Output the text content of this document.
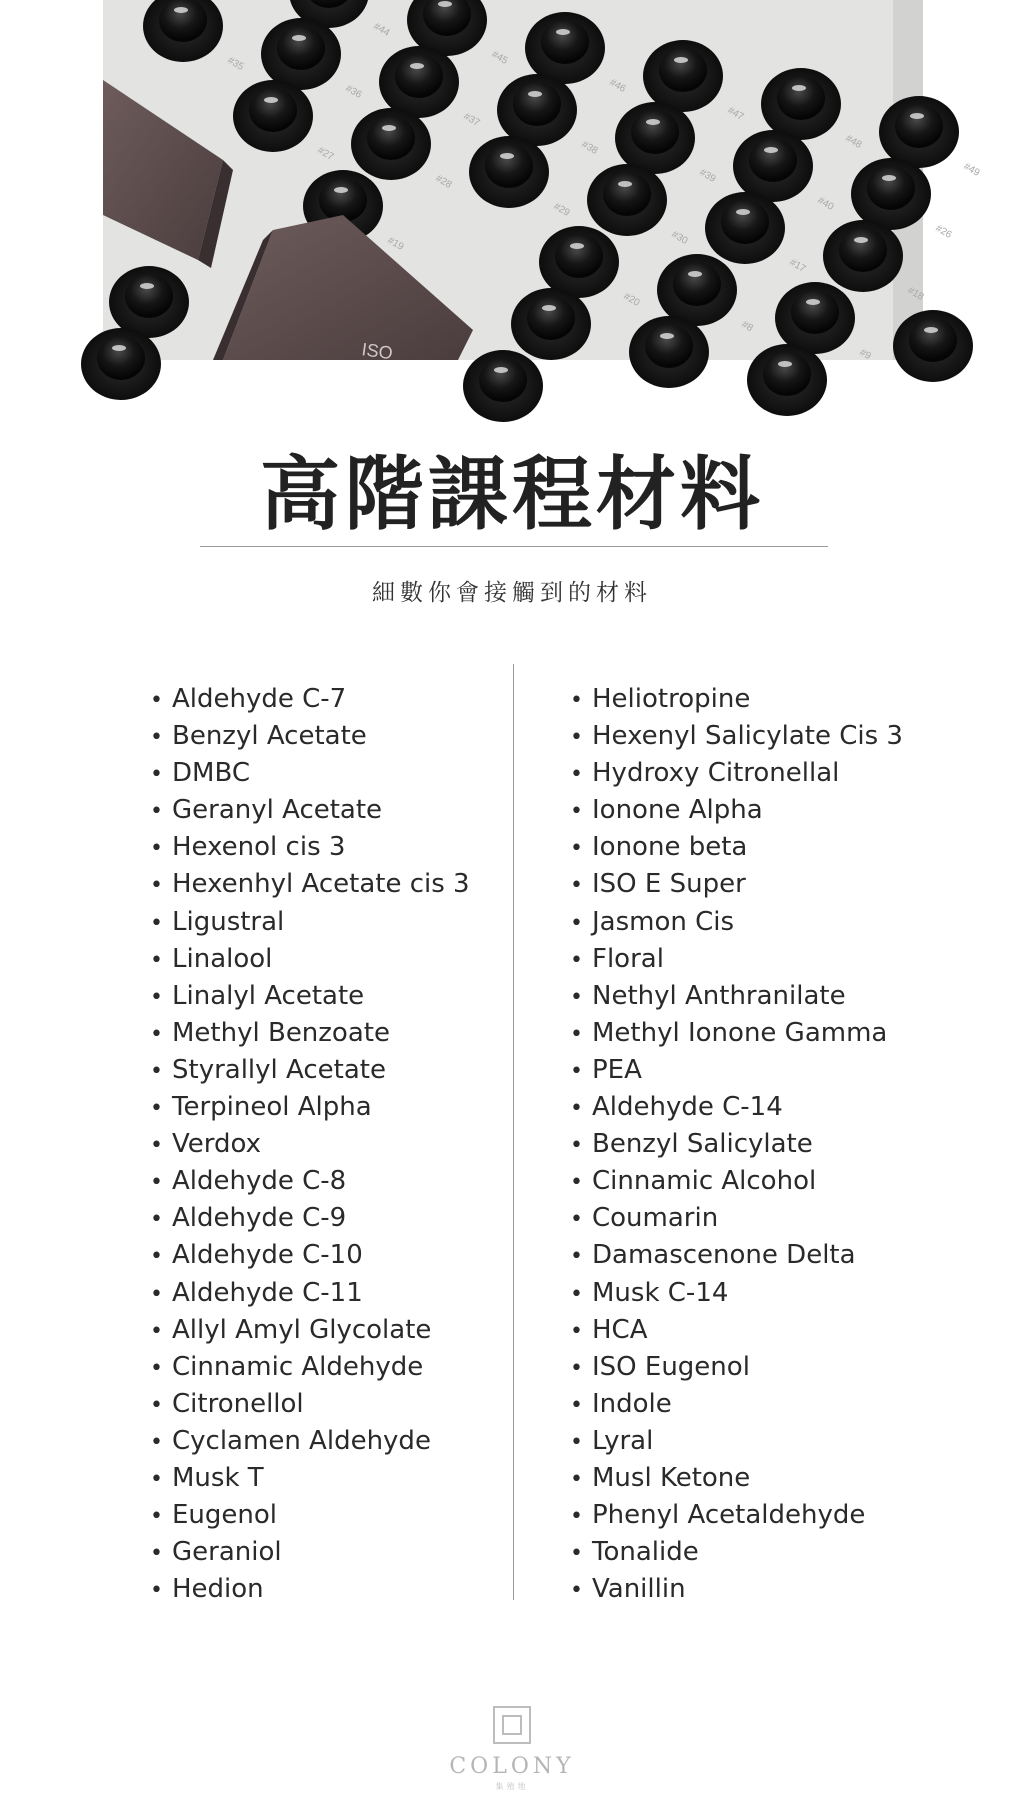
#44
#45
#46
#47
#48
#49
#35
#36
#37
#38
#39
#40
#26
#27
#28
#29
#30
#17
#18
#19
#20
#8
#9
ISO
高階課程材料
細數你會接觸到的材料
• Aldehyde C-7
• Benzyl Acetate
• DMBC
• Geranyl Acetate
• Hexenol cis 3
• Hexenhyl Acetate cis 3
• Ligustral
• Linalool
• Linalyl Acetate
• Methyl Benzoate
• Styrallyl Acetate
• Terpineol Alpha
• Verdox
• Aldehyde C-8
• Aldehyde C-9
• Aldehyde C-10
• Aldehyde C-11
• Allyl Amyl Glycolate
• Cinnamic Aldehyde
• Citronellol
• Cyclamen Aldehyde
• Musk T
• Eugenol
• Geraniol
• Hedion
• Heliotropine
• Hexenyl Salicylate Cis 3
• Hydroxy Citronellal
• Ionone Alpha
• Ionone beta
• ISO E Super
• Jasmon Cis
• Floral
• Nethyl Anthranilate
• Methyl Ionone Gamma
• PEA
• Aldehyde C-14
• Benzyl Salicylate
• Cinnamic Alcohol
• Coumarin
• Damascenone Delta
• Musk C-14
• HCA
• ISO Eugenol
• Indole
• Lyral
• Musl Ketone
• Phenyl Acetaldehyde
• Tonalide
• Vanillin
COLONY
集殖地
